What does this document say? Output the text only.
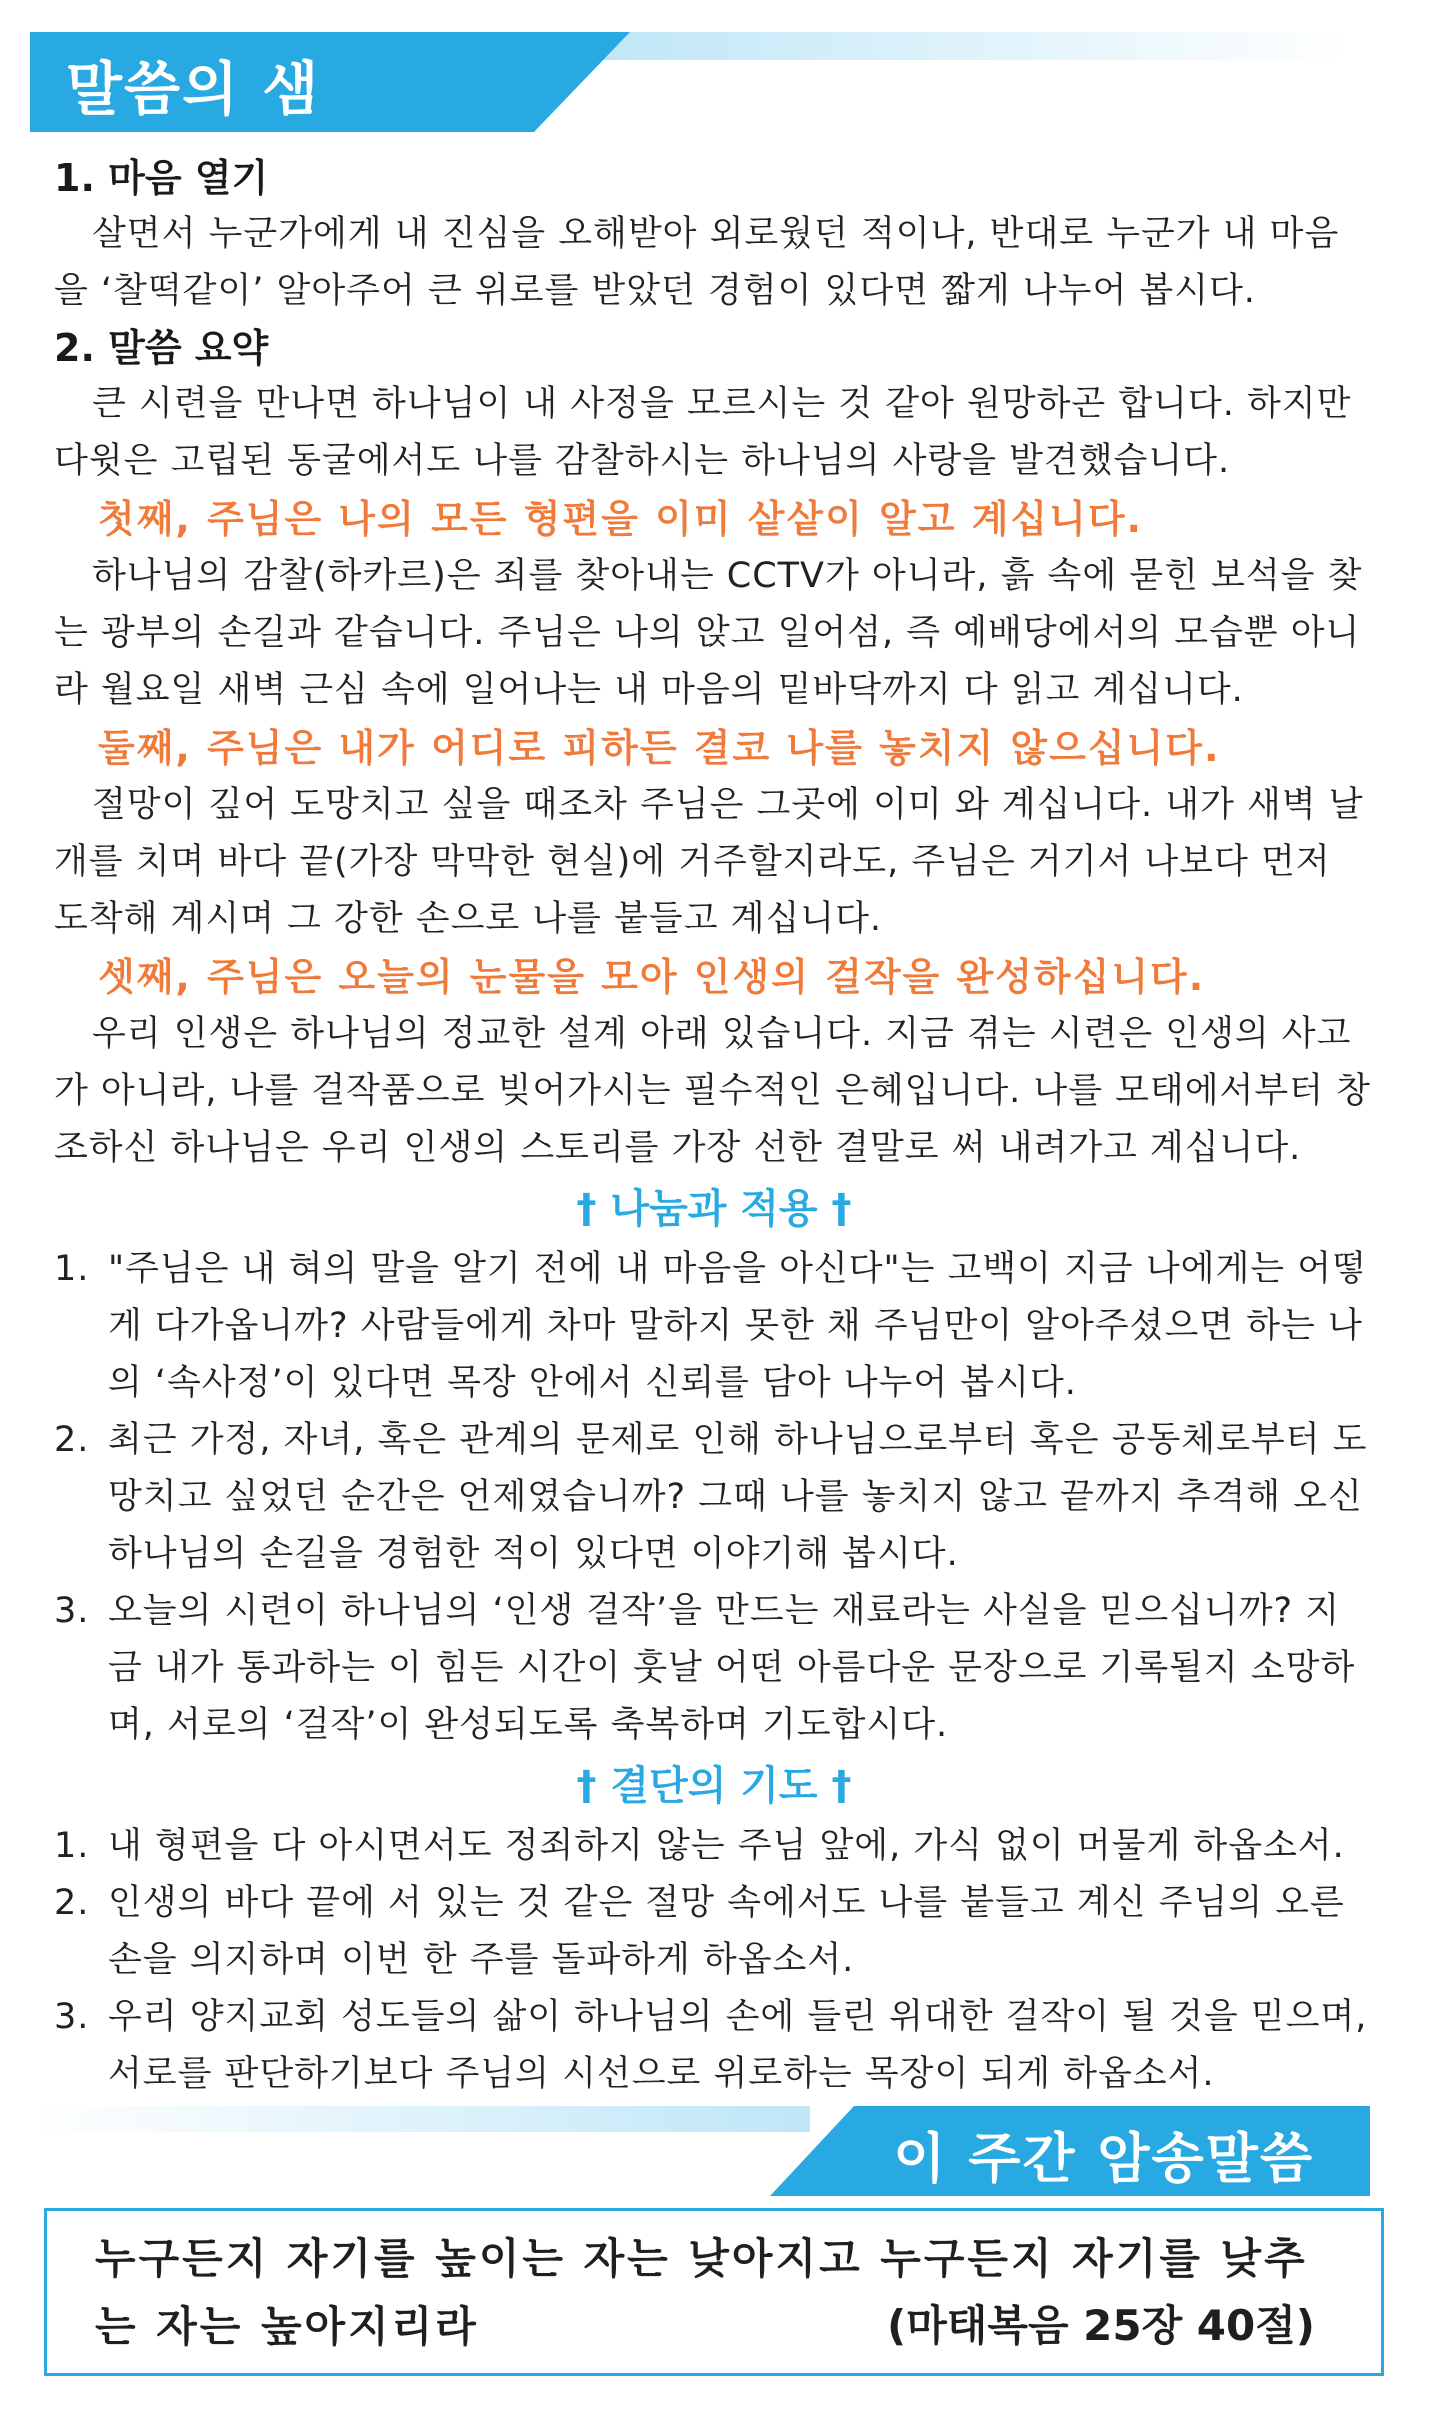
말씀의 샘
1. 마음 열기
살면서 누군가에게 내 진심을 오해받아 외로웠던 적이나, 반대로 누군가 내 마음을 ‘찰떡같이’ 알아주어 큰 위로를 받았던 경험이 있다면 짧게 나누어 봅시다.
2. 말씀 요약
큰 시련을 만나면 하나님이 내 사정을 모르시는 것 같아 원망하곤 합니다. 하지만 다윗은 고립된 동굴에서도 나를 감찰하시는 하나님의 사랑을 발견했습니다.
첫째, 주님은 나의 모든 형편을 이미 샅샅이 알고 계십니다.
하나님의 감찰(하카르)은 죄를 찾아내는 CCTV가 아니라, 흙 속에 묻힌 보석을 찾는 광부의 손길과 같습니다. 주님은 나의 앉고 일어섬, 즉 예배당에서의 모습뿐 아니라 월요일 새벽 근심 속에 일어나는 내 마음의 밑바닥까지 다 읽고 계십니다.
둘째, 주님은 내가 어디로 피하든 결코 나를 놓치지 않으십니다.
절망이 깊어 도망치고 싶을 때조차 주님은 그곳에 이미 와 계십니다. 내가 새벽 날개를 치며 바다 끝(가장 막막한 현실)에 거주할지라도, 주님은 거기서 나보다 먼저 도착해 계시며 그 강한 손으로 나를 붙들고 계십니다.
셋째, 주님은 오늘의 눈물을 모아 인생의 걸작을 완성하십니다.
우리 인생은 하나님의 정교한 설계 아래 있습니다. 지금 겪는 시련은 인생의 사고가 아니라, 나를 걸작품으로 빚어가시는 필수적인 은혜입니다. 나를 모태에서부터 창조하신 하나님은 우리 인생의 스토리를 가장 선한 결말로 써 내려가고 계십니다.
† 나눔과 적용 †
1. "주님은 내 혀의 말을 알기 전에 내 마음을 아신다"는 고백이 지금 나에게는 어떻게 다가옵니까? 사람들에게 차마 말하지 못한 채 주님만이 알아주셨으면 하는 나의 ‘속사정’이 있다면 목장 안에서 신뢰를 담아 나누어 봅시다.
2. 최근 가정, 자녀, 혹은 관계의 문제로 인해 하나님으로부터 혹은 공동체로부터 도망치고 싶었던 순간은 언제였습니까? 그때 나를 놓치지 않고 끝까지 추격해 오신 하나님의 손길을 경험한 적이 있다면 이야기해 봅시다.
3. 오늘의 시련이 하나님의 ‘인생 걸작’을 만드는 재료라는 사실을 믿으십니까? 지금 내가 통과하는 이 힘든 시간이 훗날 어떤 아름다운 문장으로 기록될지 소망하며, 서로의 ‘걸작’이 완성되도록 축복하며 기도합시다.
† 결단의 기도 †
1. 내 형편을 다 아시면서도 정죄하지 않는 주님 앞에, 가식 없이 머물게 하옵소서.
2. 인생의 바다 끝에 서 있는 것 같은 절망 속에서도 나를 붙들고 계신 주님의 오른손을 의지하며 이번 한 주를 돌파하게 하옵소서.
3. 우리 양지교회 성도들의 삶이 하나님의 손에 들린 위대한 걸작이 될 것을 믿으며, 서로를 판단하기보다 주님의 시선으로 위로하는 목장이 되게 하옵소서.
이 주간 암송말씀
누구든지 자기를 높이는 자는 낮아지고 누구든지 자기를 낮추는 자는 높아지리라	(마태복음 25장 40절)
